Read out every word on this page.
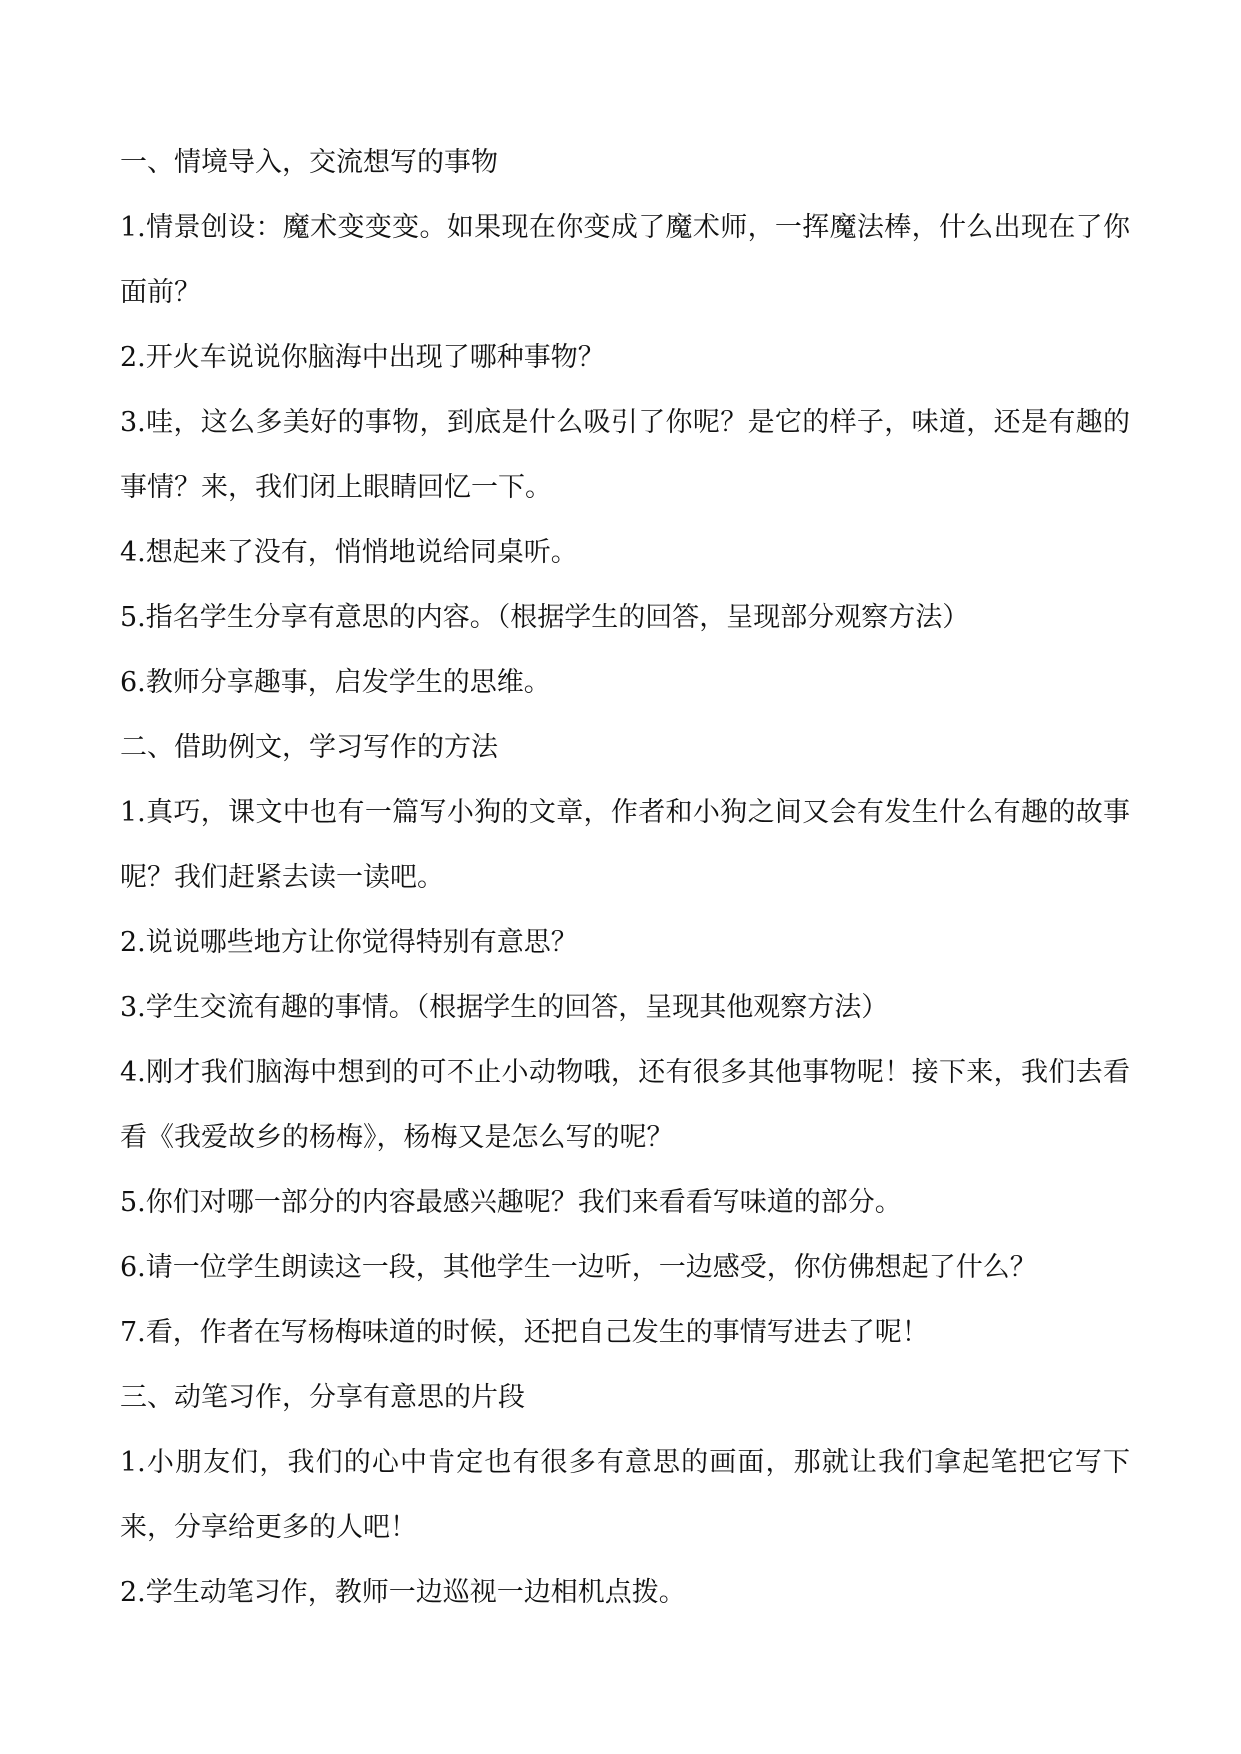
一、情境导入，交流想写的事物

1.情景创设：魔术变变变。如果现在你变成了魔术师，一挥魔法棒，什么出现在了你面前？

2.开火车说说你脑海中出现了哪种事物？

3.哇，这么多美好的事物，到底是什么吸引了你呢？是它的样子，味道，还是有趣的事情？来，我们闭上眼睛回忆一下。

4.想起来了没有，悄悄地说给同桌听。

5.指名学生分享有意思的内容。（根据学生的回答，呈现部分观察方法）

6.教师分享趣事，启发学生的思维。

二、借助例文，学习写作的方法

1.真巧，课文中也有一篇写小狗的文章，作者和小狗之间又会有发生什么有趣的故事呢？我们赶紧去读一读吧。

2.说说哪些地方让你觉得特别有意思？

3.学生交流有趣的事情。（根据学生的回答，呈现其他观察方法）

4.刚才我们脑海中想到的可不止小动物哦，还有很多其他事物呢！接下来，我们去看看《我爱故乡的杨梅》，杨梅又是怎么写的呢？

5.你们对哪一部分的内容最感兴趣呢？我们来看看写味道的部分。

6.请一位学生朗读这一段，其他学生一边听，一边感受，你仿佛想起了什么？

7.看，作者在写杨梅味道的时候，还把自己发生的事情写进去了呢！

三、动笔习作，分享有意思的片段

1.小朋友们，我们的心中肯定也有很多有意思的画面，那就让我们拿起笔把它写下来，分享给更多的人吧！

2.学生动笔习作，教师一边巡视一边相机点拨。
